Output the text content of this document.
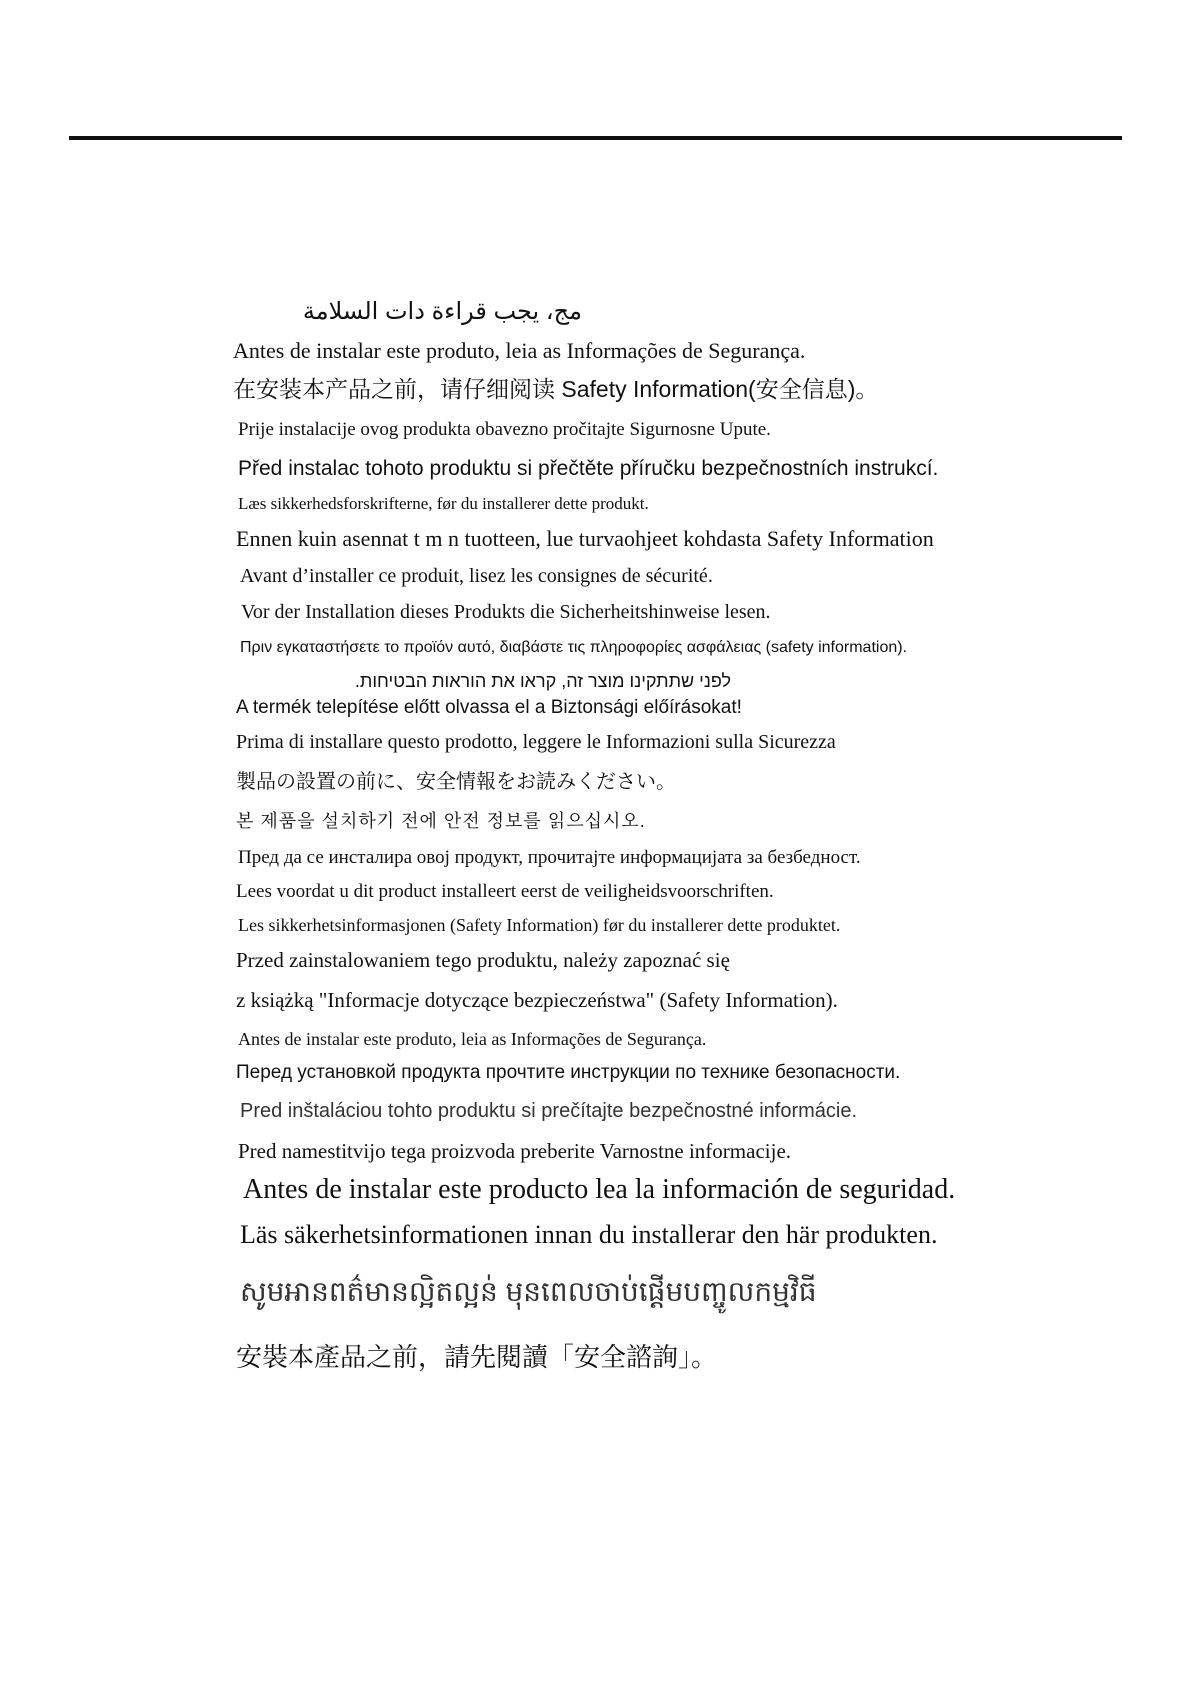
مج، يجب قراءة دات السلامة
Antes de instalar este produto, leia as Informações de Segurança.
在安装本产品之前，请仔细阅读 Safety Information(安全信息)。
Prije instalacije ovog produkta obavezno pročitajte Sigurnosne Upute.
Před instalac tohoto produktu si přečtěte příručku bezpečnostních instrukcí.
Læs sikkerhedsforskrifterne, før du installerer dette produkt.
Ennen kuin asennat t m n tuotteen, lue turvaohjeet kohdasta Safety Information
Avant d’installer ce produit, lisez les consignes de sécurité.
Vor der Installation dieses Produkts die Sicherheitshinweise lesen.
Πριν εγκαταστήσετε το προϊόν αυτό, διαβάστε τις πληροφορίες ασφάλειας (safety information).
לפני שתתקינו מוצר זה, קראו את הוראות הבטיחות.
A termék telepítése előtt olvassa el a Biztonsági előírásokat!
Prima di installare questo prodotto, leggere le Informazioni sulla Sicurezza
製品の設置の前に、安全情報をお読みください。
본 제품을 설치하기 전에 안전 정보를 읽으십시오.
Пред да се инсталира овој продукт, прочитајте информацијата за безбедност.
Lees voordat u dit product installeert eerst de veiligheidsvoorschriften.
Les sikkerhetsinformasjonen (Safety Information) før du installerer dette produktet.
Przed zainstalowaniem tego produktu, należy zapoznać się
z książką "Informacje dotyczące bezpieczeństwa" (Safety Information).
Antes de instalar este produto, leia as Informações de Segurança.
Перед установкой продукта прочтите инструкции по технике безопасности.
Pred inštaláciou tohto produktu si prečítajte bezpečnostné informácie.
Pred namestitvijo tega proizvoda preberite Varnostne informacije.
Antes de instalar este producto lea la información de seguridad.
Läs säkerhetsinformationen innan du installerar den här produkten.
សូមអានពត៌មានល្អិតល្អន់ មុនពេលចាប់ផ្តើមបញ្ចូលកម្មវិធី
安裝本產品之前，請先閱讀「安全諮詢」。
